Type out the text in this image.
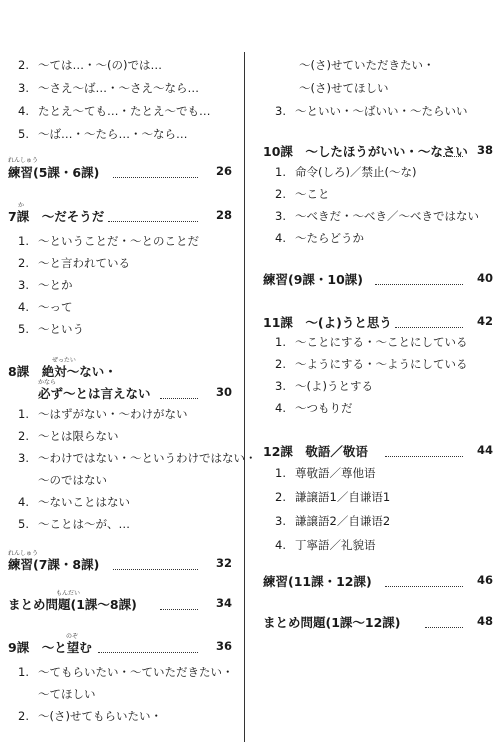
2. ～ては…・～(の)では…
3. ～さえ～ば…・～さえ～なら…
4. たとえ～ても…・たとえ～でも…
5. ～ば…・～たら…・～なら…
れんしゅう
練習(5課・6課)	26
か
7課　～だそうだ	28
1. ～ということだ・～とのことだ
2. ～と言われている
3. ～とか
4. ～って
5. ～という
ぜったい
8課　絶対～ない・
かなら
必ず～とは言えない	30
1. ～はずがない・～わけがない
2. ～とは限らない
3. ～わけではない・～というわけではない・
～のではない
4. ～ないことはない
5. ～ことは～が、…
れんしゅう
練習(7課・8課)	32
もんだい
まとめ問題(1課～8課)	34
のぞ
9課　～と望む	36
1. ～てもらいたい・～ていただきたい・
～てほしい
2. ～(さ)せてもらいたい・
～(さ)せていただきたい・
～(さ)せてほしい
3. ～といい・～ばいい・～たらいい
10課　～したほうがいい・～なさい 38
1. 命令(しろ)／禁止(～な)
2. ～こと
3. ～べきだ・～べき／～べきではない
4. ～たらどうか
練習(9課・10課)	40
11課　～(よ)うと思う	42
1. ～ことにする・～ことにしている
2. ～ようにする・～ようにしている
3. ～(よ)うとする
4. ～つもりだ
12課　敬語／敬语	44
1. 尊敬語／尊他语
2. 謙譲語1／自谦语1
3. 謙譲語2／自谦语2
4. 丁寧語／礼貌语
練習(11課・12課)	46
まとめ問題(1課～12課)	48
